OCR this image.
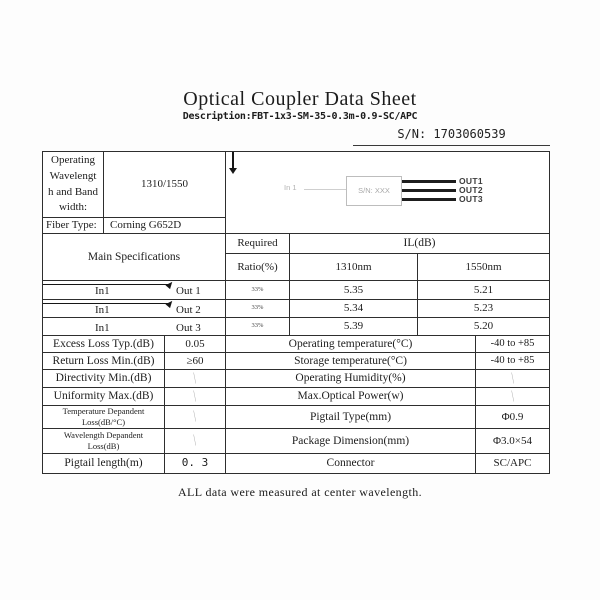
Optical Coupler Data Sheet
Description:FBT-1x3-SM-35-0.3m-0.9-SC/APC
S/N: 1703060539
Operating Wavelength and Bandwidth:
1310/1550	In 1	S/N: XXX
OUT1
OUT2
OUT3
Fiber Type:	Corning G652D
Main Specifications
Required	IL(dB)
Ratio(%)	1310nm	1550nm
In1	Out 1	33%	5.35	5.21
In1	Out 2	33%	5.34	5.23
In1	Out 3	33%	5.39	5.20
Excess Loss Typ.(dB)	0.05	Operating temperature(°C)	-40 to +85
Return Loss Min.(dB)	≥60	Storage temperature(°C)	-40 to +85
Directivity Min.(dB)	\	Operating Humidity(%)	\
Uniformity Max.(dB)	\	Max.Optical Power(w)	\
Temperature Depandent Loss(dB/°C)	\	Pigtail Type(mm)	Φ0.9
Wavelength Depandent Loss(dB)	\	Package Dimension(mm)	Φ3.0×54
Pigtail length(m)	0. 3	Connector	SC/APC
ALL data were measured at center wavelength.
